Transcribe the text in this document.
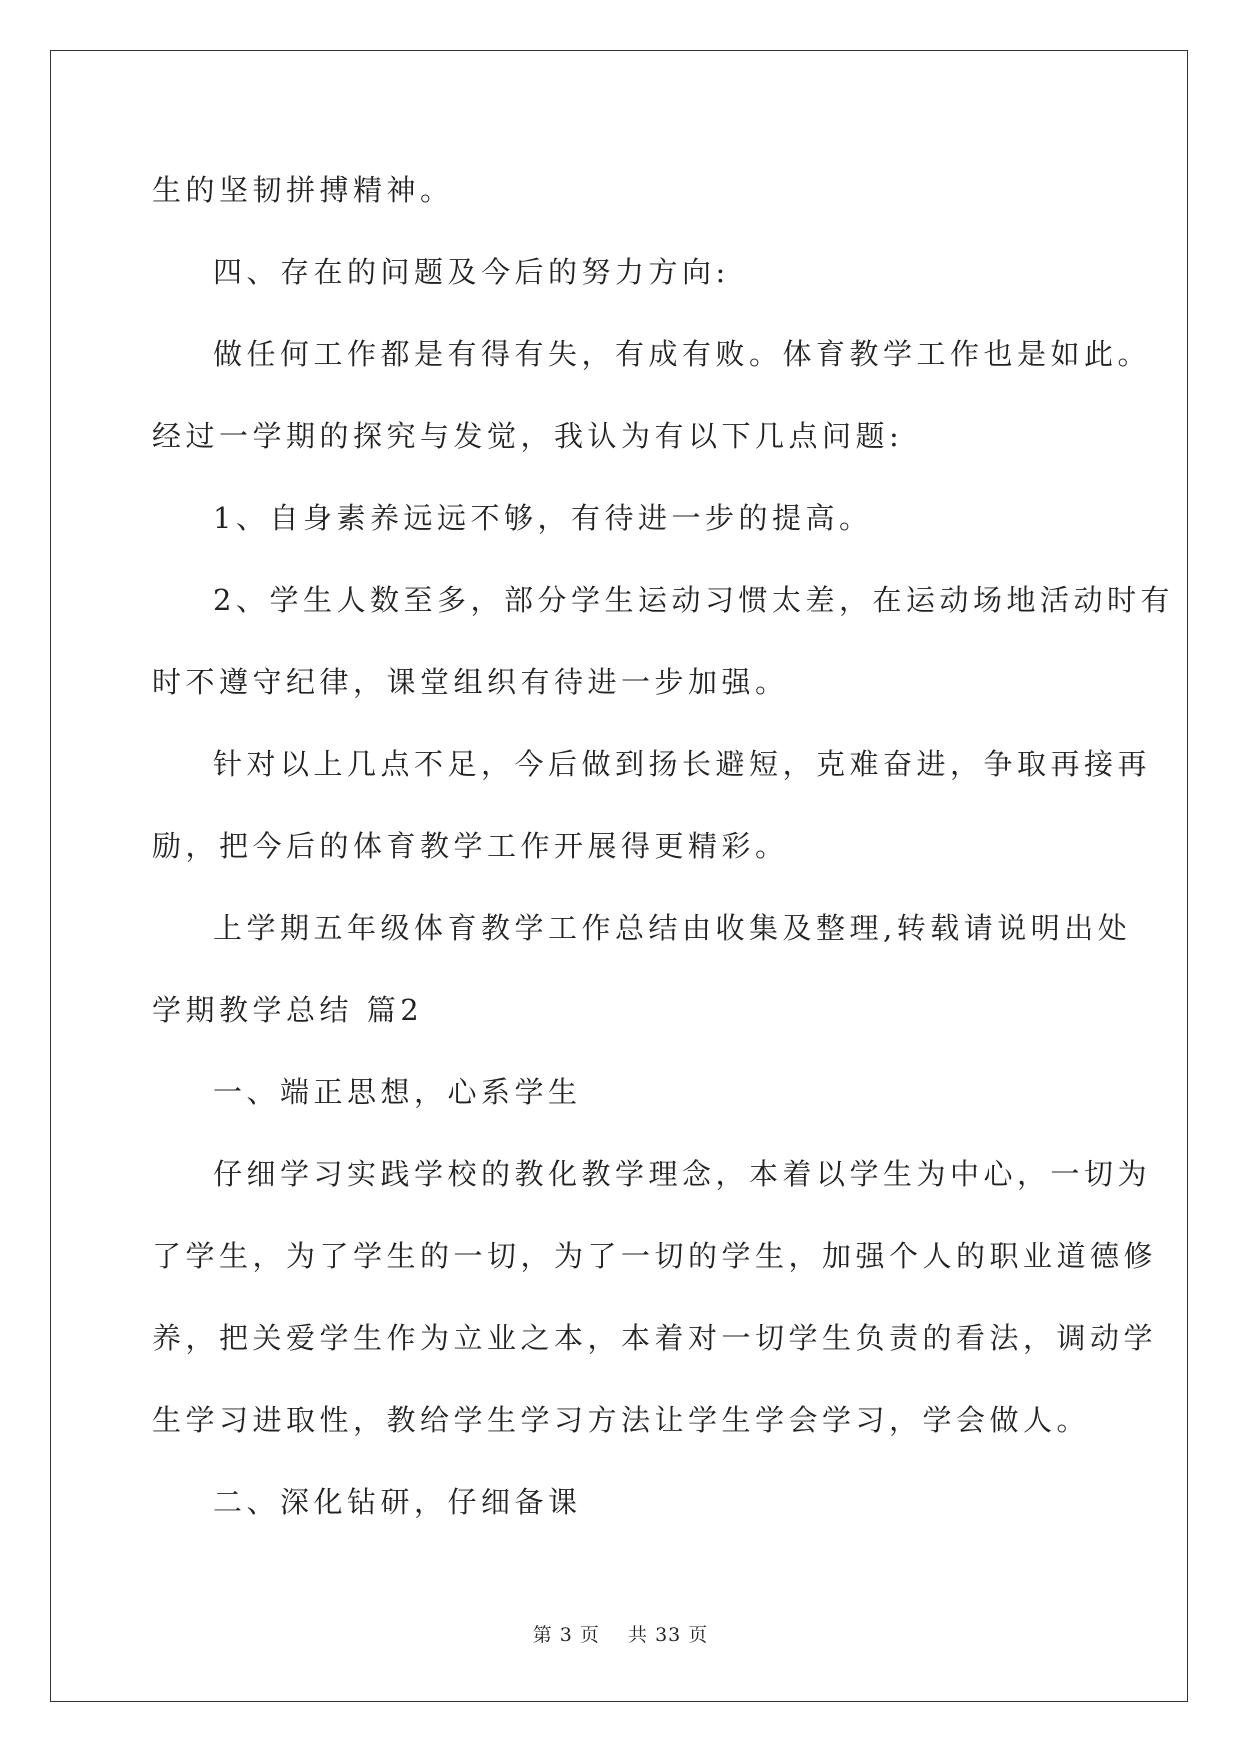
生的坚韧拼搏精神。
四、存在的问题及今后的努力方向:
做任何工作都是有得有失，有成有败。体育教学工作也是如此。
经过一学期的探究与发觉，我认为有以下几点问题:
1、自身素养远远不够，有待进一步的提高。
2、学生人数至多，部分学生运动习惯太差，在运动场地活动时有
时不遵守纪律，课堂组织有待进一步加强。
针对以上几点不足，今后做到扬长避短，克难奋进，争取再接再
励，把今后的体育教学工作开展得更精彩。
上学期五年级体育教学工作总结由收集及整理,转载请说明出处
学期教学总结 篇2
一、端正思想，心系学生
仔细学习实践学校的教化教学理念，本着以学生为中心，一切为
了学生，为了学生的一切，为了一切的学生，加强个人的职业道德修
养，把关爱学生作为立业之本，本着对一切学生负责的看法，调动学
生学习进取性，教给学生学习方法让学生学会学习，学会做人。
二、深化钻研，仔细备课
第 3 页 共 33 页
